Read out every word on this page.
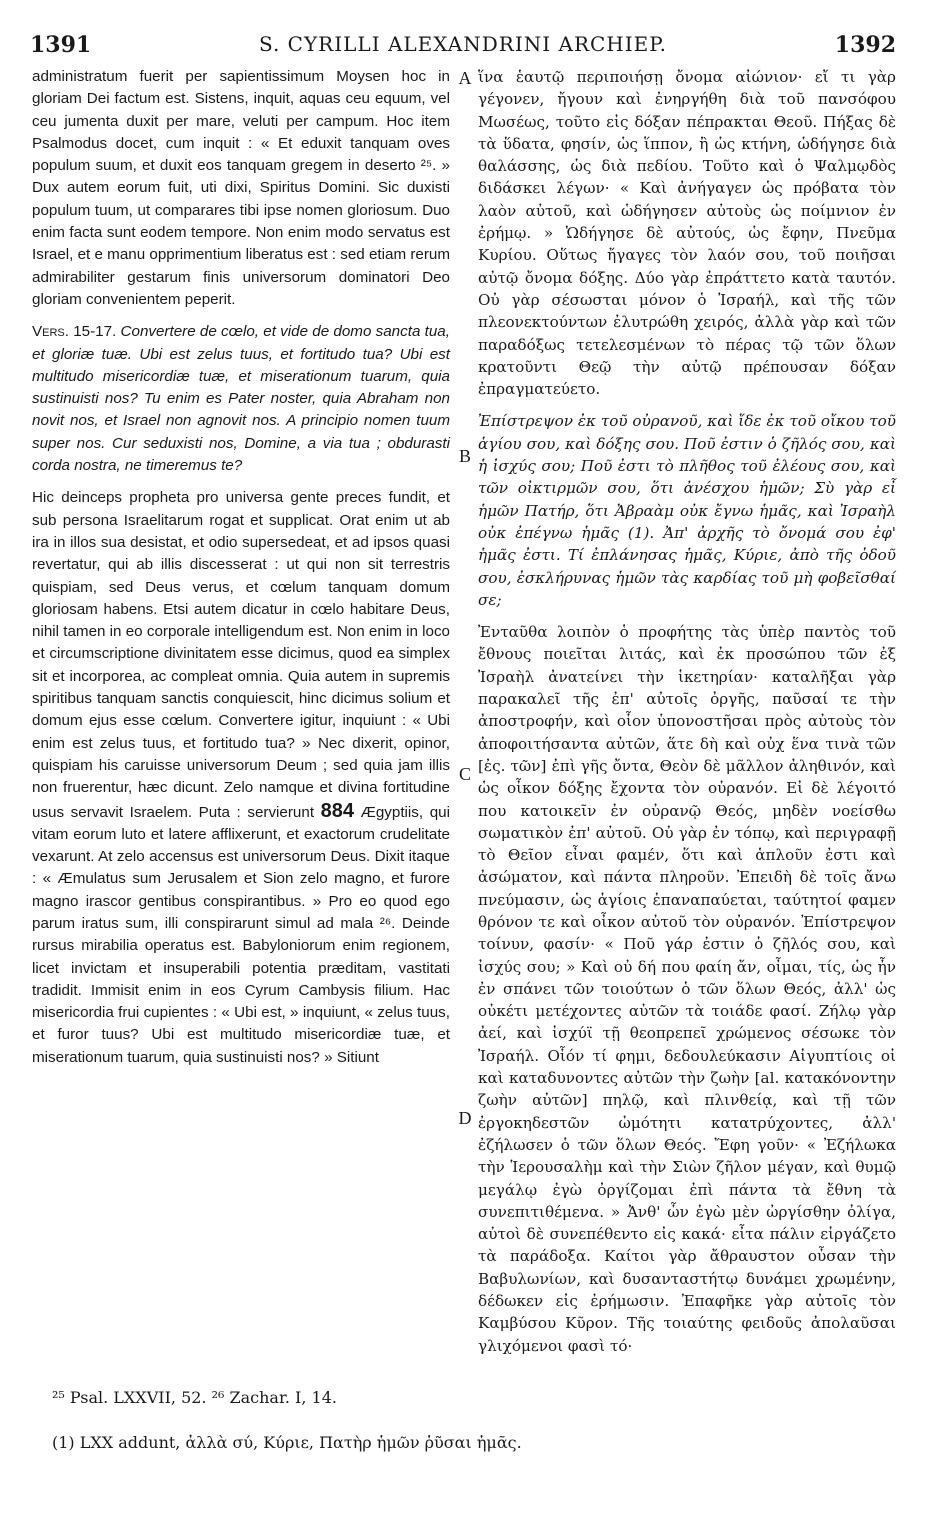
1391	S. CYRILLI ALEXANDRINI ARCHIEP.	1392

administratum fuerit per sapientissimum Moysen hoc in gloriam Dei factum est. Sistens, inquit, aquas ceu equum, vel ceu jumenta duxit per mare, veluti per campum. Hoc item Psalmodus docet, cum inquit : « Et eduxit tanquam oves populum suum, et duxit eos tanquam gregem in deserto ²⁵. » Dux autem eorum fuit, uti dixi, Spiritus Domini. Sic duxisti populum tuum, ut comparares tibi ipse nomen gloriosum. Duo enim facta sunt eodem tempore. Non enim modo servatus est Israel, et e manu opprimentium liberatus est : sed etiam rerum admirabiliter gestarum finis universorum dominatori Deo gloriam convenientem peperit.

Vers. 15-17. Convertere de cœlo, et vide de domo sancta tua, et gloriæ tuæ. Ubi est zelus tuus, et fortitudo tua? Ubi est multitudo misericordiæ tuæ, et miserationum tuarum, quia sustinuisti nos? Tu enim es Pater noster, quia Abraham non novit nos, et Israel non agnovit nos. A principio nomen tuum super nos. Cur seduxisti nos, Domine, a via tua ; obdurasti corda nostra, ne timeremus te?

Hic deinceps propheta pro universa gente preces fundit, et sub persona Israelitarum rogat et supplicat. Orat enim ut ab ira in illos sua desistat, et odio supersedeat, et ad ipsos quasi revertatur, qui ab illis discesserat : ut qui non sit terrestris quispiam, sed Deus verus, et cœlum tanquam domum gloriosam habens. Etsi autem dicatur in cœlo habitare Deus, nihil tamen in eo corporale intelligendum est. Non enim in loco et circumscriptione divinitatem esse dicimus, quod ea simplex sit et incorporea, ac compleat omnia. Quia autem in supremis spiritibus tanquam sanctis conquiescit, hinc dicimus solium et domum ejus esse cœlum. Convertere igitur, inquiunt : « Ubi enim est zelus tuus, et fortitudo tua? » Nec dixerit, opinor, quispiam his caruisse universorum Deum ; sed quia jam illis non fruerentur, hæc dicunt. Zelo namque et divina fortitudine usus servavit Israelem. Puta : servierunt 884 Ægyptiis, qui vitam eorum luto et latere afflixerunt, et exactorum crudelitate vexarunt. At zelo accensus est universorum Deus. Dixit itaque : « Æmulatus sum Jerusalem et Sion zelo magno, et furore magno irascor gentibus conspirantibus. » Pro eo quod ego parum iratus sum, illi conspirarunt simul ad mala ²⁶. Deinde rursus mirabilia operatus est. Babyloniorum enim regionem, licet invictam et insuperabili potentia præditam, vastitati tradidit. Immisit enim in eos Cyrum Cambysis filium. Hac misericordia frui cupientes : « Ubi est, » inquiunt, « zelus tuus, et furor tuus? Ubi est multitudo misericordiæ tuæ, et miserationum tuarum, quia sustinuisti nos? » Sitiunt

A
B
C
D

ἵνα ἑαυτῷ περιποιήσῃ ὄνομα αἰώνιον· εἴ τι γὰρ γέγονεν, ἤγουν καὶ ἐνηργήθη διὰ τοῦ πανσόφου Μωσέως, τοῦτο εἰς δόξαν πέπρακται Θεοῦ. Πήξας δὲ τὰ ὕδατα, φησίν, ὡς ἵππον, ἢ ὡς κτήνη, ὡδήγησε διὰ θαλάσσης, ὡς διὰ πεδίου. Τοῦτο καὶ ὁ Ψαλμῳδὸς διδάσκει λέγων· « Καὶ ἀνήγαγεν ὡς πρόβατα τὸν λαὸν αὐτοῦ, καὶ ὡδήγησεν αὐτοὺς ὡς ποίμνιον ἐν ἐρήμῳ. » Ὡδήγησε δὲ αὐτούς, ὡς ἔφην, Πνεῦμα Κυρίου. Οὕτως ἤγαγες τὸν λαόν σου, τοῦ ποιῆσαι αὐτῷ ὄνομα δόξης. Δύο γὰρ ἐπράττετο κατὰ ταυτόν. Οὐ γὰρ σέσωσται μόνον ὁ Ἰσραήλ, καὶ τῆς τῶν πλεονεκτούντων ἐλυτρώθη χειρός, ἀλλὰ γὰρ καὶ τῶν παραδόξως τετελεσμένων τὸ πέρας τῷ τῶν ὅλων κρατοῦντι Θεῷ τὴν αὐτῷ πρέπουσαν δόξαν ἐπραγματεύετο.

Ἐπίστρεψον ἐκ τοῦ οὐρανοῦ, καὶ ἴδε ἐκ τοῦ οἴκου τοῦ ἁγίου σου, καὶ δόξης σου. Ποῦ ἐστιν ὁ ζῆλός σου, καὶ ἡ ἰσχύς σου; Ποῦ ἐστι τὸ πλῆθος τοῦ ἐλέους σου, καὶ τῶν οἰκτιρμῶν σου, ὅτι ἀνέσχου ἡμῶν; Σὺ γὰρ εἶ ἡμῶν Πατήρ, ὅτι Ἀβραὰμ οὐκ ἔγνω ἡμᾶς, καὶ Ἰσραὴλ οὐκ ἐπέγνω ἡμᾶς (1). Ἀπ' ἀρχῆς τὸ ὄνομά σου ἐφ' ἡμᾶς ἐστι. Τί ἐπλάνησας ἡμᾶς, Κύριε, ἀπὸ τῆς ὁδοῦ σου, ἐσκλήρυνας ἡμῶν τὰς καρδίας τοῦ μὴ φοβεῖσθαί σε;

Ἐνταῦθα λοιπὸν ὁ προφήτης τὰς ὑπὲρ παντὸς τοῦ ἔθνους ποιεῖται λιτάς, καὶ ἐκ προσώπου τῶν ἐξ Ἰσραὴλ ἀνατείνει τὴν ἱκετηρίαν· καταλῆξαι γὰρ παρακαλεῖ τῆς ἐπ' αὐτοῖς ὀργῆς, παῦσαί τε τὴν ἀποστροφήν, καὶ οἷον ὑπονοστῆσαι πρὸς αὐτοὺς τὸν ἀποφοιτήσαντα αὐτῶν, ἅτε δὴ καὶ οὐχ ἕνα τινὰ τῶν [ἐς. τῶν] ἐπὶ γῆς ὄντα, Θεὸν δὲ μᾶλλον ἀληθινόν, καὶ ὡς οἶκον δόξης ἔχοντα τὸν οὐρανόν. Εἰ δὲ λέγοιτό που κατοικεῖν ἐν οὐρανῷ Θεός, μηδὲν νοείσθω σωματικὸν ἐπ' αὐτοῦ. Οὐ γὰρ ἐν τόπῳ, καὶ περιγραφῇ τὸ Θεῖον εἶναι φαμέν, ὅτι καὶ ἁπλοῦν ἐστι καὶ ἀσώματον, καὶ πάντα πληροῦν. Ἐπειδὴ δὲ τοῖς ἄνω πνεύμασιν, ὡς ἁγίοις ἐπαναπαύεται, ταύτητοί φαμεν θρόνον τε καὶ οἶκον αὐτοῦ τὸν οὐρανόν. Ἐπίστρεψον τοίνυν, φασίν· « Ποῦ γάρ ἐστιν ὁ ζῆλός σου, καὶ ἰσχύς σου; » Καὶ οὐ δή που φαίη ἄν, οἶμαι, τίς, ὡς ἦν ἐν σπάνει τῶν τοιούτων ὁ τῶν ὅλων Θεός, ἀλλ' ὡς οὐκέτι μετέχοντες αὐτῶν τὰ τοιάδε φασί. Ζήλῳ γὰρ ἀεί, καὶ ἰσχύϊ τῇ θεοπρεπεῖ χρώμενος σέσωκε τὸν Ἰσραήλ. Οἷόν τί φημι, δεδουλεύκασιν Αἰγυπτίοις οἱ καὶ καταδυνοντες αὐτῶν τὴν ζωὴν [al. κατακόνοντην ζωὴν αὐτῶν] πηλῷ, καὶ πλινθείᾳ, καὶ τῇ τῶν ἐργοκηδεστῶν ὠμότητι κατατρύχοντες, ἀλλ' ἐζήλωσεν ὁ τῶν ὅλων Θεός. Ἔφη γοῦν· « Ἐζήλωκα τὴν Ἱερουσαλὴμ καὶ τὴν Σιὼν ζῆλον μέγαν, καὶ θυμῷ μεγάλῳ ἐγὼ ὀργίζομαι ἐπὶ πάντα τὰ ἔθνη τὰ συνεπιτιθέμενα. » Ἀνθ' ὧν ἐγὼ μὲν ὠργίσθην ὀλίγα, αὐτοὶ δὲ συνεπέθεντο εἰς κακά· εἶτα πάλιν εἰργάζετο τὰ παράδοξα. Καίτοι γὰρ ἄθραυστον οὖσαν τὴν Βαβυλωνίων, καὶ δυσανταστήτῳ δυνάμει χρωμένην, δέδωκεν εἰς ἐρήμωσιν. Ἐπαφῆκε γὰρ αὐτοῖς τὸν Καμβύσου Κῦρον. Τῆς τοιαύτης φειδοῦς ἀπολαῦσαι γλιχόμενοι φασὶ τό·

²⁵ Psal. LXXVII, 52. ²⁶ Zachar. I, 14.
(1) LXX addunt, ἀλλὰ σύ, Κύριε, Πατὴρ ἡμῶν ῥῦσαι ἡμᾶς.
